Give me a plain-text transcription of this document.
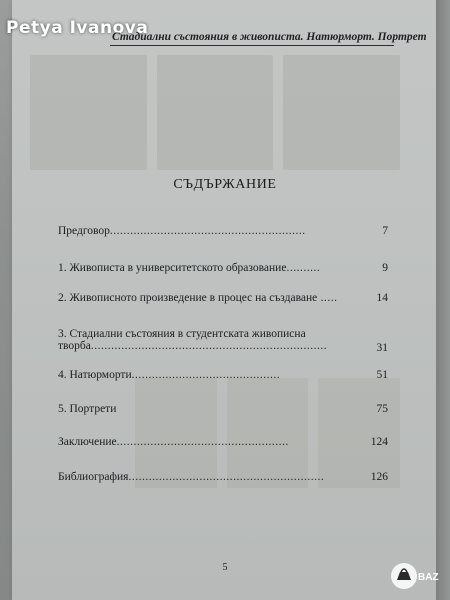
Petya Ivanova
Стадиални състояния в живописта. Натюрморт. Портрет
СЪДЪРЖАНИЕ
Предговор..........................................................	7
1. Живописта в университетското образование..........	9
2. Живописното произведение в процес на създаване .....	14
3. Стадиални състояния в студентската живописна
творба......................................................................	31
4. Натюрморти............................................	51
5. Портрети	75
Заключение...................................................	124
Библиография..........................................................	126
5
BAZ
